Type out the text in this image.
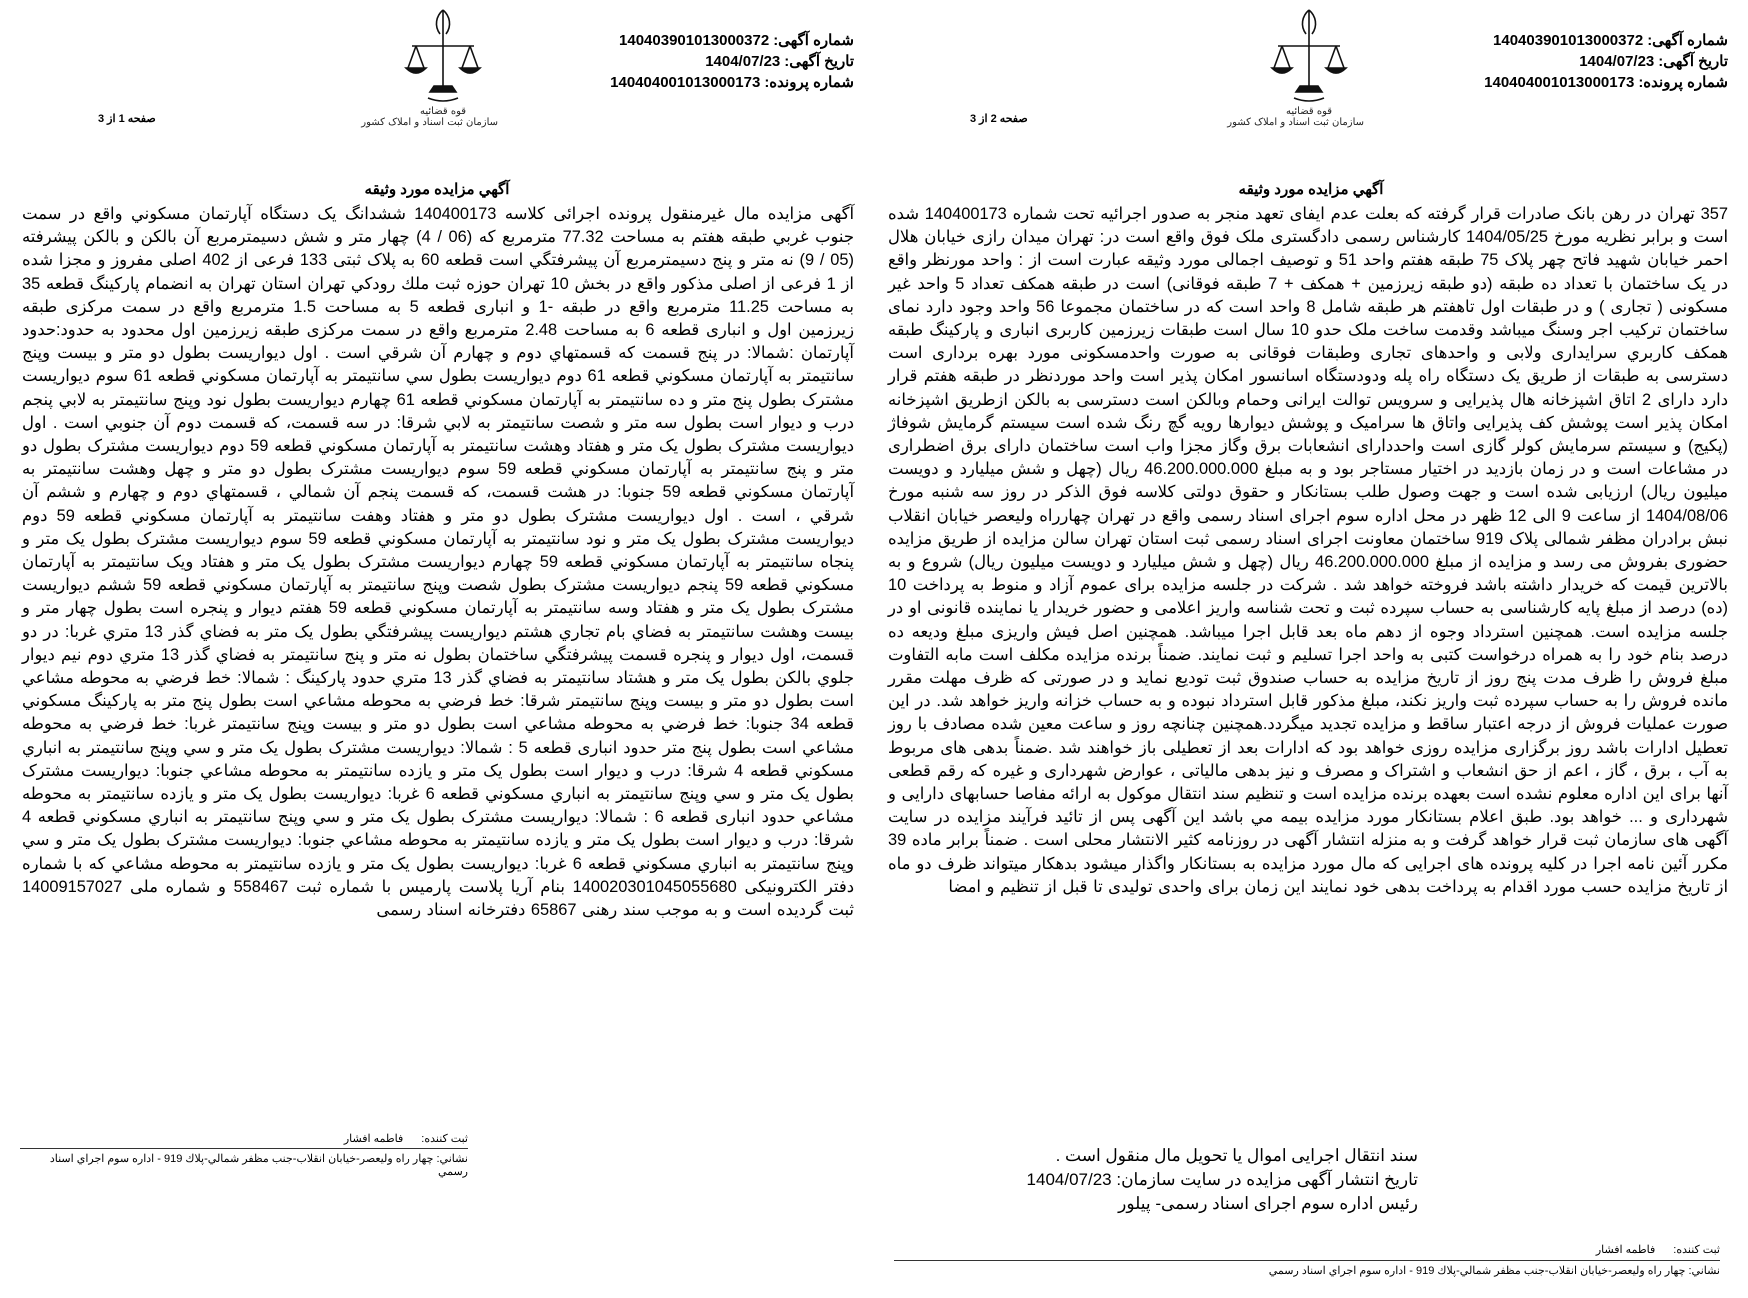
شماره آگهی:140403901013000372
تاریخ آگهی:1404/07/23
شماره پرونده:140404001013000173
قوه قضائیه
سازمان ثبت اسناد و املاک کشور
صفحه 1 از 3
آگهي مزايده مورد وثيقه
آگهی مزايده مال غيرمنقول پرونده اجرائی کلاسه 140400173 ششدانگ یک دستگاه آپارتمان مسكوني واقع در سمت جنوب غربي طبقه هفتم به مساحت 77.32 مترمربع كه (06 / 4) چهار متر و شش دسیمترمربع آن بالكن و بالكن پيشرفته (05 / 9) نه متر و پنج دسيمترمربع آن پيشرفتگي است قطعه 60 به پلاک ثبتی 133 فرعی از 402 اصلی مفروز و مجزا شده از 1 فرعی از اصلی مذکور واقع در بخش 10 تهران حوزه ثبت ملك رودكي تهران استان تهران به انضمام پاركينگ قطعه 35 به مساحت 11.25 مترمربع واقع در طبقه -1 و انباری قطعه 5 به مساحت 1.5 مترمربع واقع در سمت مركزی طبقه زیرزمین اول و انباری قطعه 6 به مساحت 2.48 مترمربع واقع در سمت مرکزی طبقه زیرزمین اول محدود به حدود:حدود آپارتمان :شمالا: در پنج قسمت كه قسمتهاي دوم و چهارم آن شرقي است . اول ديواريست بطول دو متر و بيست وپنج سانتيمتر به آپارتمان مسكوني قطعه 61 دوم ديواريست بطول سي سانتيمتر به آپارتمان مسكوني قطعه 61 سوم ديواريست مشترک بطول پنج متر و ده سانتيمتر به آپارتمان مسكوني قطعه 61 چهارم ديواريست بطول نود وپنج سانتيمتر به لابي پنجم درب و ديوار است بطول سه متر و شصت سانتيمتر به لابي شرقا: در سه قسمت، كه قسمت دوم آن جنوبي است . اول ديواريست مشترک بطول يک متر و هفتاد وهشت سانتيمتر به آپارتمان مسكوني قطعه 59 دوم ديواريست مشترک بطول دو متر و پنج سانتيمتر به آپارتمان مسكوني قطعه 59 سوم ديواريست مشترک بطول دو متر و چهل وهشت سانتيمتر به آپارتمان مسكوني قطعه 59 جنوبا: در هشت قسمت، كه قسمت پنجم آن شمالي ، قسمتهاي دوم و چهارم و ششم آن شرقي ، است . اول ديواريست مشترک بطول دو متر و هفتاد وهفت سانتيمتر به آپارتمان مسكوني قطعه 59 دوم ديواريست مشترک بطول يک متر و نود سانتيمتر به آپارتمان مسكوني قطعه 59 سوم ديواريست مشترک بطول يک متر و پنجاه سانتيمتر به آپارتمان مسكوني قطعه 59 چهارم ديواريست مشترک بطول يک متر و هفتاد ويک سانتيمتر به آپارتمان مسكوني قطعه 59 پنجم ديواريست مشترک بطول شصت وپنج سانتيمتر به آپارتمان مسكوني قطعه 59 ششم ديواريست مشترک بطول يک متر و هفتاد وسه سانتيمتر به آپارتمان مسكوني قطعه 59 هفتم ديوار و پنجره است بطول چهار متر و بيست وهشت سانتيمتر به فضاي بام تجاري هشتم ديواريست پيشرفتگي بطول يک متر به فضاي گذر 13 متري غربا: در دو قسمت، اول ديوار و پنجره قسمت پيشرفتگي ساختمان بطول نه متر و پنج سانتيمتر به فضاي گذر 13 متري دوم نيم ديوار جلوي بالكن بطول يک متر و هشتاد سانتيمتر به فضاي گذر 13 متري حدود پاركينگ : شمالا: خط فرضي به محوطه مشاعي است بطول دو متر و بيست وپنج سانتيمتر شرقا: خط فرضي به محوطه مشاعي است بطول پنج متر به پاركينگ مسكوني قطعه 34 جنوبا: خط فرضي به محوطه مشاعي است بطول دو متر و بيست وپنج سانتيمتر غربا: خط فرضي به محوطه مشاعي است بطول پنج متر حدود انباری قطعه 5 : شمالا: ديواريست مشترک بطول يک متر و سي وپنج سانتيمتر به انباري مسكوني قطعه 4 شرقا: درب و ديوار است بطول يک متر و يازده سانتيمتر به محوطه مشاعي جنوبا: ديواريست مشترک بطول يک متر و سي وپنج سانتيمتر به انباري مسكوني قطعه 6 غربا: ديواريست بطول يک متر و يازده سانتيمتر به محوطه مشاعي حدود انباری قطعه 6 : شمالا: ديواريست مشترک بطول يک متر و سي وپنج سانتيمتر به انباري مسكوني قطعه 4 شرقا: درب و ديوار است بطول يک متر و يازده سانتيمتر به محوطه مشاعي جنوبا: ديواريست مشترک بطول يک متر و سي وپنج سانتيمتر به انباري مسكوني قطعه 6 غربا: ديواريست بطول يک متر و يازده سانتيمتر به محوطه مشاعي كه با شماره دفتر الکترونیکی 140020301045055680 بنام آريا پلاست پارميس با شماره ثبت 558467 و شماره ملی 14009157027 ثبت گردیده است و به موجب سند رهنی 65867 دفترخانه اسناد رسمی
ثبت كننده:فاطمه افشار
نشاني: چهار راه وليعصر-خيابان انقلاب-جنب مظفر شمالي-پلاك 919 - اداره سوم اجراي اسناد رسمي
شماره آگهی:140403901013000372
تاریخ آگهی:1404/07/23
شماره پرونده:140404001013000173
قوه قضائیه
سازمان ثبت اسناد و املاک کشور
صفحه 2 از 3
آگهي مزايده مورد وثيقه
357 تهران در رهن بانک صادرات قرار گرفته كه بعلت عدم ايفای تعهد منجر به صدور اجرائيه تحت شماره 140400173 شده است و برابر نظريه مورخ 1404/05/25 كارشناس رسمی دادگستری ملک فوق واقع است در: تهران ميدان رازی خيابان هلال احمر خيابان شهيد فاتح چهر پلاک 75 طبقه هفتم واحد 51 و توصيف اجمالی مورد وثيقه عبارت است از : واحد مورنظر واقع در يک ساختمان با تعداد ده طبقه (دو طبقه زيرزمين + همکف + 7 طبقه فوقانی) است در طبقه همکف تعداد 5 واحد غير مسکونی ( تجاری ) و در طبقات اول تاهفتم هر طبقه شامل 8 واحد است که در ساختمان مجموعا 56 واحد وجود دارد نمای ساختمان ترکيب اجر وسنگ ميباشد وقدمت ساخت ملک حدو 10 سال است طبقات زيرزمين کاربری انباری و پارکينگ طبقه همکف کاربري سرايداری ولابی و واحدهای تجاری وطبقات فوقانی به صورت واحدمسکونی مورد بهره برداری است دسترسی به طبقات از طريق يک دستگاه راه پله ودودستگاه اسانسور امکان پذير است واحد موردنظر در طبقه هفتم قرار دارد دارای 2 اتاق اشپزخانه هال پذيرايی و سرويس توالت ايرانی وحمام وبالکن است دسترسی به بالکن ازطريق اشپزخانه امکان پذير است پوشش کف پذيرايی واتاق ها سراميک و پوشش ديوارها رويه گچ رنگ شده است سيستم گرمايش شوفاژ (پکيج) و سيستم سرمايش کولر گازی است واحددارای انشعابات برق وگاز مجزا واب است ساختمان دارای برق اضطراری در مشاعات است و در زمان بازديد در اختيار مستاجر بود و به مبلغ 46.200.000.000 ريال (چهل و شش ميليارد و دويست ميليون ريال) ارزيابی شده است و جهت وصول طلب بستانكار و حقوق دولتی كلاسه فوق الذكر در روز سه شنبه مورخ 1404/08/06 از ساعت 9 الی 12 ظهر در محل اداره سوم اجرای اسناد رسمی واقع در تهران چهارراه وليعصر خيابان انقلاب نبش برادران مظفر شمالی پلاک 919 ساختمان معاونت اجرای اسناد رسمی ثبت استان تهران سالن مزايده از طريق مزايده حضوری بفروش می رسد و مزايده از مبلغ 46.200.000.000 ريال (چهل و شش ميليارد و دويست ميليون ريال) شروع و به بالاترين قيمت كه خريدار داشته باشد فروخته خواهد شد . شركت در جلسه مزايده برای عموم آزاد و منوط به پرداخت 10 (ده) درصد از مبلغ پايه كارشناسی به حساب سپرده ثبت و تحت شناسه واريز اعلامی و حضور خريدار يا نماينده قانونی او در جلسه مزايده است. همچنين استرداد وجوه از دهم ماه بعد قابل اجرا ميباشد. همچنين اصل فيش واريزی مبلغ وديعه ده درصد بنام خود را به همراه درخواست كتبی به واحد اجرا تسليم و ثبت نمايند. ضمناً برنده مزايده مكلف است مابه التفاوت مبلغ فروش را ظرف مدت پنج روز از تاريخ مزايده به حساب صندوق ثبت توديع نمايد و در صورتی كه ظرف مهلت مقرر مانده فروش را به حساب سپرده ثبت واريز نكند، مبلغ مذكور قابل استرداد نبوده و به حساب خزانه واريز خواهد شد. در اين صورت عمليات فروش از درجه اعتبار ساقط و مزايده تجديد ميگردد.همچنين چنانچه روز و ساعت معين شده مصادف با روز تعطيل ادارات باشد روز برگزاری مزايده روزی خواهد بود كه ادارات بعد از تعطيلی باز خواهند شد .ضمناً بدهی های مربوط به آب ، برق ، گاز ، اعم از حق انشعاب و اشتراک و مصرف و نيز بدهی مالياتی ، عوارض شهرداری و غيره كه رقم قطعی آنها برای اين اداره معلوم نشده است بعهده برنده مزايده است و تنظيم سند انتقال موكول به ارائه مفاصا حسابهای دارايی و شهرداری و ... خواهد بود. طبق اعلام بستانكار مورد مزايده بيمه مي باشد اين آگهی پس از تائيد فرآيند مزايده در سايت آگهی های سازمان ثبت قرار خواهد گرفت و به منزله انتشار آگهی در روزنامه كثير الانتشار محلی است . ضمناً برابر ماده 39 مكرر آئين نامه اجرا در كليه پرونده های اجرايی كه مال مورد مزايده به بستانكار واگذار ميشود بدهكار ميتواند ظرف دو ماه از تاريخ مزايده حسب مورد اقدام به پرداخت بدهی خود نمايند اين زمان برای واحدی توليدی تا قبل از تنظيم و امضا
سند انتقال اجرايی اموال يا تحويل مال منقول است .
تاريخ انتشار آگهی مزايده در سايت سازمان: 1404/07/23
رئيس اداره سوم اجرای اسناد رسمی- پيلور
ثبت كننده:فاطمه افشار
نشاني: چهار راه وليعصر-خيابان انقلاب-جنب مظفر شمالي-پلاك 919 - اداره سوم اجراي اسناد رسمي
